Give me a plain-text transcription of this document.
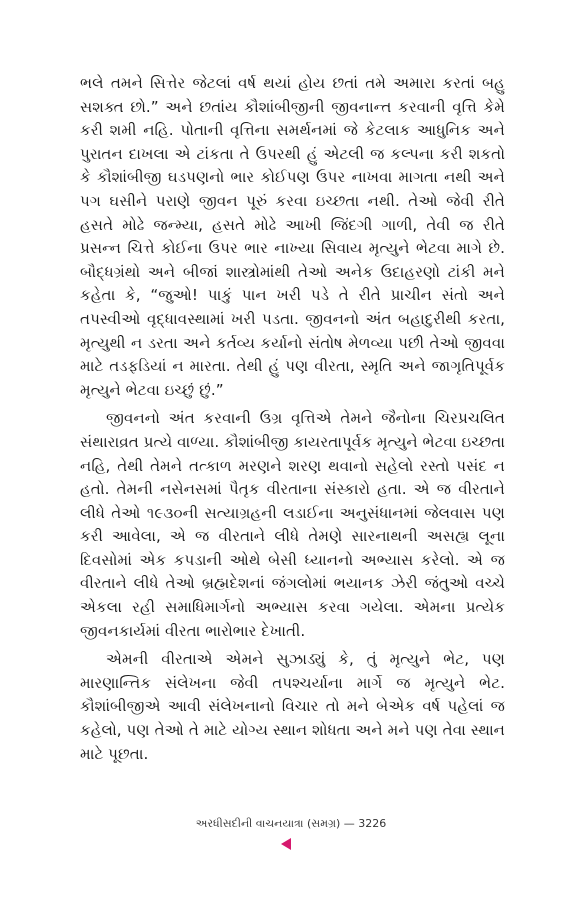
ભલે તમને સિત્તેર જેટલાં વર્ષ થયાં હોય છતાં તમે અમારા કરતાં બહુ સશક્ત છો.” અને છતાંય કૌશાંબીજીની જીવનાન્ત કરવાની વૃત્તિ કેમે કરી શમી નહિ. પોતાની વૃત્તિના સમર્થનમાં જે કેટલાક આધુનિક અને પુરાતન દાખલા એ ટાંકતા તે ઉપરથી હું એટલી જ કલ્પના કરી શકતો કે કૌશાંબીજી ઘડપણનો ભાર કોઈપણ ઉપર નાખવા માગતા નથી અને પગ ઘસીને પરાણે જીવન પૂરું કરવા ઇચ્છતા નથી. તેઓ જેવી રીતે હસતે મોઢે જન્મ્યા, હસતે મોઢે આખી જિંદગી ગાળી, તેવી જ રીતે પ્રસન્ન ચિત્તે કોઈના ઉપર ભાર નાખ્યા સિવાય મૃત્યુને ભેટવા માગે છે. બૌદ્ધગ્રંથો અને બીજાં શાસ્ત્રોમાંથી તેઓ અનેક ઉદાહરણો ટાંકી મને કહેતા કે, “જુઓ! પાકું પાન ખરી પડે તે રીતે પ્રાચીન સંતો અને તપસ્વીઓ વૃદ્ધાવસ્થામાં ખરી પડતા. જીવનનો અંત બહાદુરીથી કરતા, મૃત્યુથી ન ડરતા અને કર્તવ્ય કર્યાનો સંતોષ મેળવ્યા પછી તેઓ જીવવા માટે તડફડિયાં ન મારતા. તેથી હું પણ વીરતા, સ્મૃતિ અને જાગૃતિપૂર્વક મૃત્યુને ભેટવા ઇચ્છું છું.”

જીવનનો અંત કરવાની ઉગ્ર વૃત્તિએ તેમને જૈનોના ચિરપ્રચલિત સંથારાવ્રત પ્રત્યે વાળ્યા. કૌશાંબીજી કાયરતાપૂર્વક મૃત્યુને ભેટવા ઇચ્છતા નહિ, તેથી તેમને તત્કાળ મરણને શરણ થવાનો સહેલો રસ્તો પસંદ ન હતો. તેમની નસેનસમાં પૈતૃક વીરતાના સંસ્કારો હતા. એ જ વીરતાને લીધે તેઓ ૧૯૩૦ની સત્યાગ્રહની લડાઈના અનુસંધાનમાં જેલવાસ પણ કરી આવેલા, એ જ વીરતાને લીધે તેમણે સારનાથની અસહ્ય લૂના દિવસોમાં એક કપડાની ઓથે બેસી ધ્યાનનો અભ્યાસ કરેલો. એ જ વીરતાને લીધે તેઓ બ્રહ્મદેશનાં જંગલોમાં ભયાનક ઝેરી જંતુઓ વચ્ચે એકલા રહી સમાધિમાર્ગનો અભ્યાસ કરવા ગયેલા. એમના પ્રત્યેક જીવનકાર્યમાં વીરતા ભારોભાર દેખાતી.

એમની વીરતાએ એમને સુઝાડ્યું કે, તું મૃત્યુને ભેટ, પણ મારણાન્તિક સંલેખના જેવી તપશ્ચર્યાના માર્ગે જ મૃત્યુને ભેટ. કૌશાંબીજીએ આવી સંલેખનાનો વિચાર તો મને બેએક વર્ષ પહેલાં જ કહેલો, પણ તેઓ તે માટે યોગ્ય સ્થાન શોધતા અને મને પણ તેવા સ્થાન માટે પૂછતા.

અરધીસદીની વાચનયાત્રા (સમગ્ર) — 3226
